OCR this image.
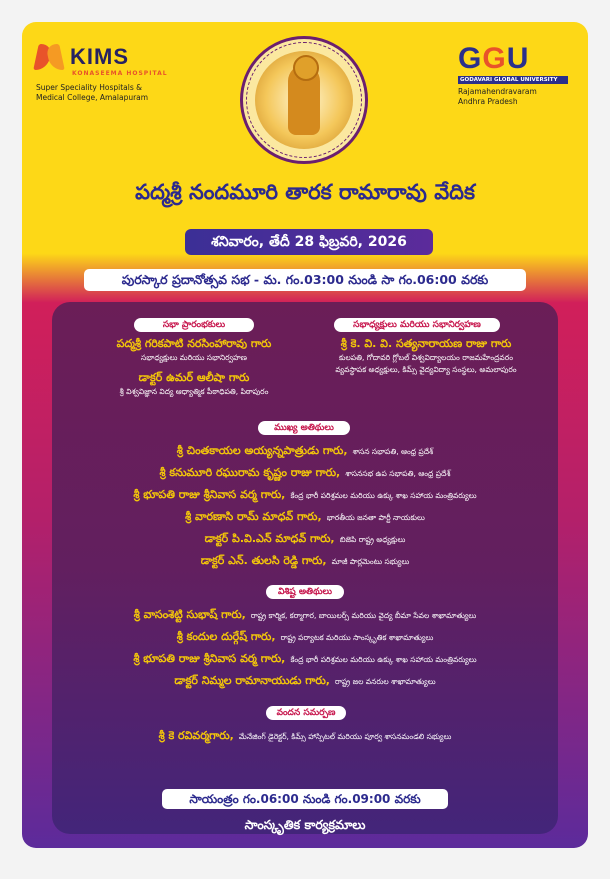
KIMS
KONASEEMA HOSPITAL
Super Speciality Hospitals &
Medical College, Amalapuram
GGU
GODAVARI GLOBAL UNIVERSITY
Rajamahendravaram
Andhra Pradesh
పద్మశ్రీ నందమూరి తారక రామారావు వేదిక
శనివారం, తేదీ 28 ఫిబ్రవరి, 2026
పురస్కార ప్రదానోత్సవ సభ - మ. గం.03:00 నుండి సా గం.06:00 వరకు
సభా ప్రారంభకులు	సభాధ్యక్షులు మరియు సభానిర్వహణ
పద్మశ్రీ గరికపాటి నరసింహారావు గారు
సభాధ్యక్షులు మరియు సభానిర్వహణ
డాక్టర్ ఉమర్ ఆలీషా గారు
శ్రీ విశ్వవిజ్ఞాన విద్య ఆధ్యాత్మిక పీఠాధిపతి, పిఠాపురం
శ్రీ కె. వి. వి. సత్యనారాయణ రాజు గారు
కులపతి, గోదావరి గ్లోబల్ విశ్వవిద్యాలయం రాజమహేంద్రవరం
వ్యవస్థాపక అధ్యక్షులు, కిమ్స్ వైద్యవిద్యా సంస్థలు, అమలాపురం
ముఖ్య అతిథులు
శ్రీ చింతకాయల అయ్యన్నపాత్రుడు గారు, శాసన సభాపతి, ఆంధ్ర ప్రదేశ్
శ్రీ కనుమూరి రఘురామ కృష్ణం రాజు గారు, శాసనసభ ఉప సభాపతి, ఆంధ్ర ప్రదేశ్
శ్రీ భూపతి రాజు శ్రీనివాస వర్మ గారు, కేంద్ర భారీ పరిశ్రమల మరియు ఉక్కు శాఖ సహాయ మంత్రివర్యులు
శ్రీ వారణాసి రామ్ మాధవ్ గారు, భారతీయ జనతా పార్టీ నాయకులు
డాక్టర్ పి.వి.ఎన్ మాధవ్ గారు, బిజెపి రాష్ట్ర అధ్యక్షులు
డాక్టర్ ఎన్. తులసి రెడ్డి గారు, మాజీ పార్లమెంటు సభ్యులు
విశిష్ట అతిథులు
శ్రీ వాసంశెట్టి సుభాష్ గారు, రాష్ట్ర కార్మిక, కర్మాగార, బాయిలర్స్ మరియు వైద్య బీమా సేవల శాఖామాత్యులు
శ్రీ కందుల దుర్గేష్ గారు, రాష్ట్ర పర్యాటక మరియు సాంస్కృతిక శాఖామాత్యులు
శ్రీ భూపతి రాజు శ్రీనివాస వర్మ గారు, కేంద్ర భారీ పరిశ్రమల మరియు ఉక్కు శాఖ సహాయ మంత్రివర్యులు
డాక్టర్ నిమ్మల రామానాయుడు గారు, రాష్ట్ర జల వనరుల శాఖామాత్యులు
వందన సమర్పణ
శ్రీ కె రవివర్మగారు, మేనేజింగ్ డైరెక్టర్, కిమ్స్ హాస్పిటల్ మరియు పూర్వ శాసనమండలి సభ్యులు
సాయంత్రం గం.06:00 నుండి గం.09:00 వరకు
సాంస్కృతిక కార్యక్రమాలు
